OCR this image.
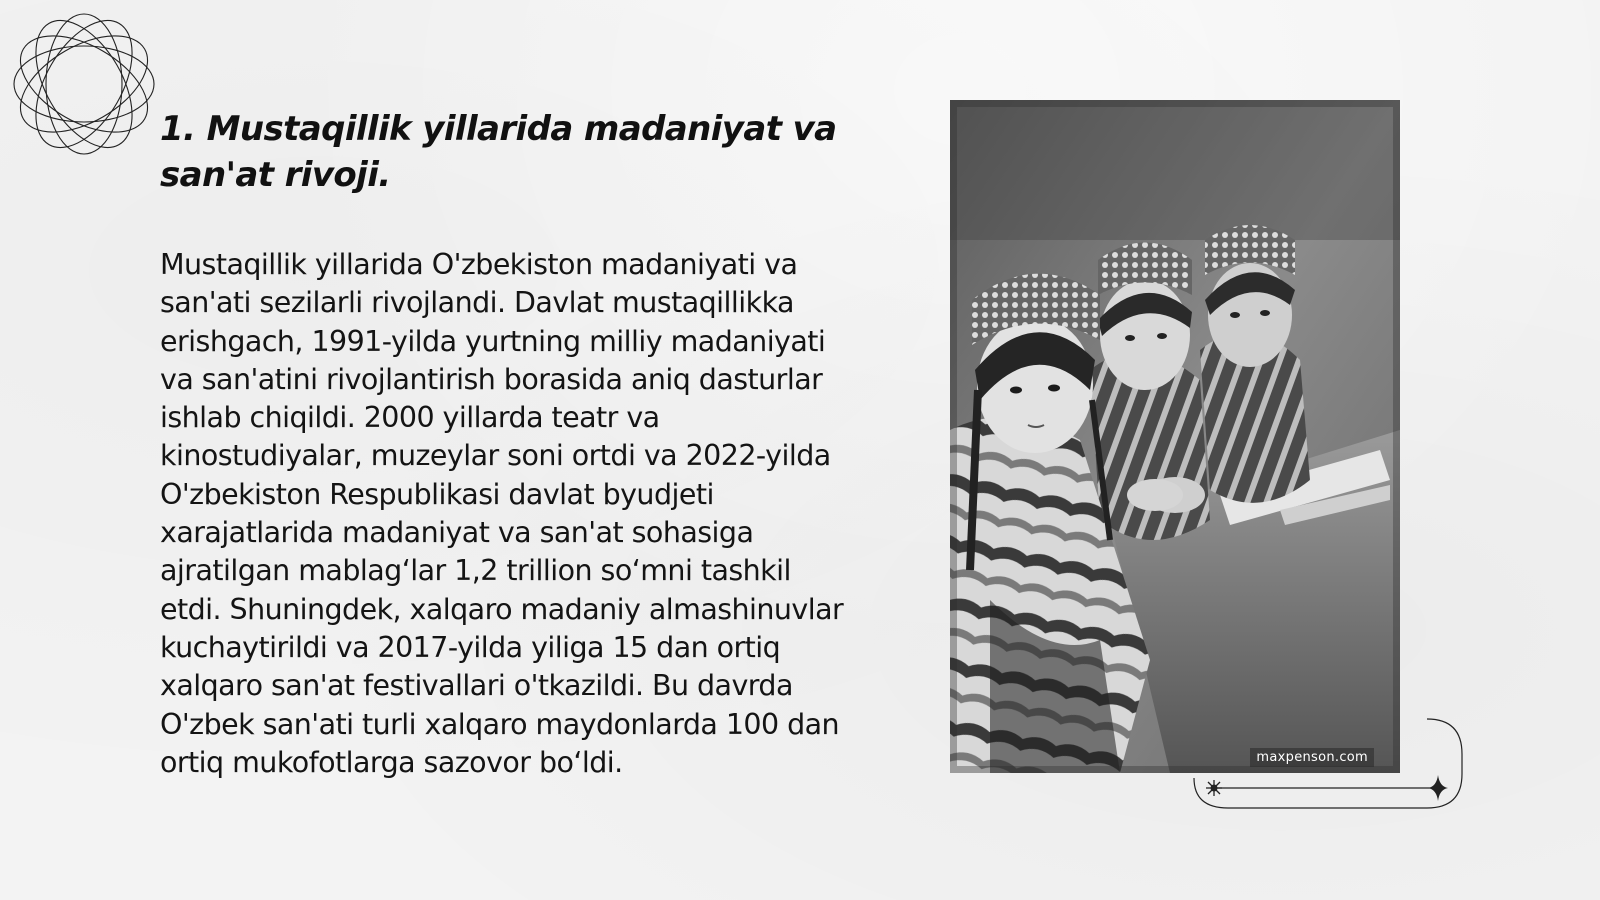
1. Mustaqillik yillarida madaniyat va san'at rivoji.

Mustaqillik yillarida O'zbekiston madaniyati va san'ati sezilarli rivojlandi. Davlat mustaqillikka erishgach, 1991-yilda yurtning milliy madaniyati va san'atini rivojlantirish borasida aniq dasturlar ishlab chiqildi. 2000 yillarda teatr va kinostudiyalar, muzeylar soni ortdi va 2022-yilda O'zbekiston Respublikasi davlat byudjeti xarajatlarida madaniyat va san'at sohasiga ajratilgan mablag‘lar 1,2 trillion so‘mni tashkil etdi. Shuningdek, xalqaro madaniy almashinuvlar kuchaytirildi va 2017-yilda yiliga 15 dan ortiq xalqaro san'at festivallari o'tkazildi. Bu davrda O'zbek san'ati turli xalqaro maydonlarda 100 dan ortiq mukofotlarga sazovor bo‘ldi.	maxpenson.com
